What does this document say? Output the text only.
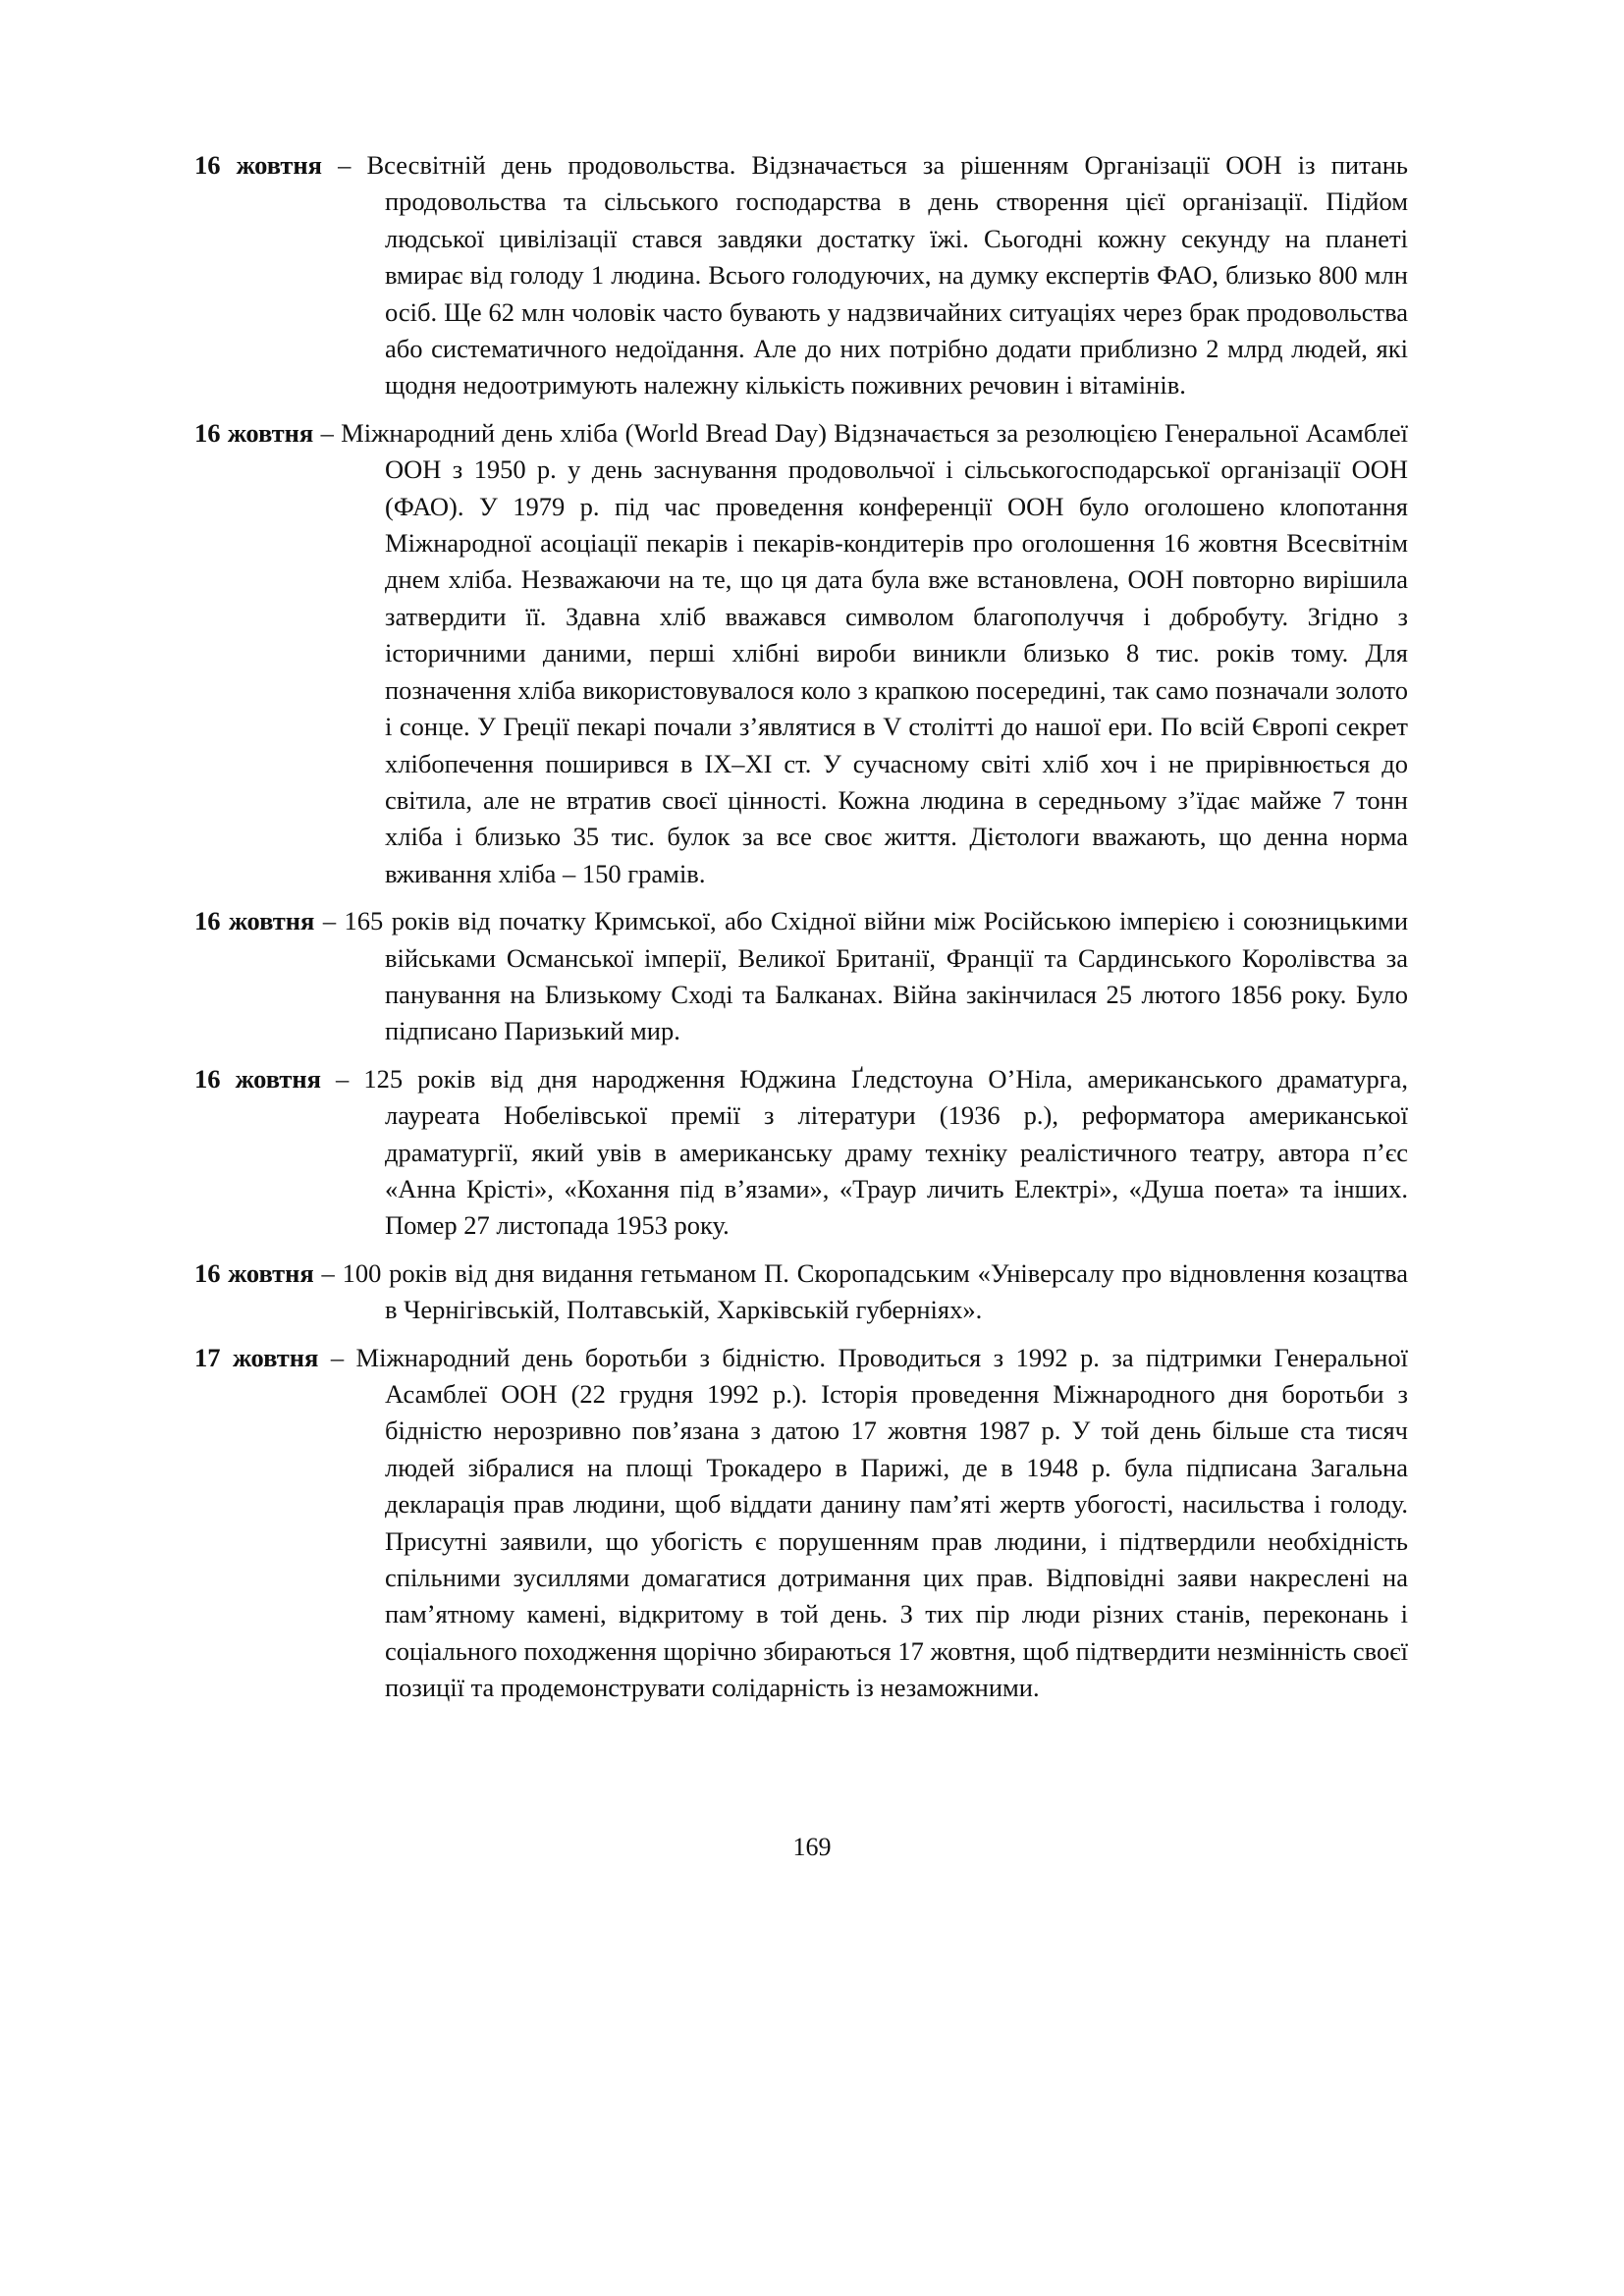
16 жовтня – Всесвітній день продовольства. Відзначається за рішенням Організації ООН із питань продовольства та сільського господарства в день створення цієї організації. Підйом людської цивілізації стався завдяки достатку їжі. Сьогодні кожну секунду на планеті вмирає від голоду 1 людина. Всього голодуючих, на думку експертів ФАО, близько 800 млн осіб. Ще 62 млн чоловік часто бувають у надзвичайних ситуаціях через брак продовольства або систематичного недоїдання. Але до них потрібно додати приблизно 2 млрд людей, які щодня недоотримують належну кількість поживних речовин і вітамінів.

16 жовтня – Міжнародний день хліба (World Bread Day) Відзначається за резолюцією Генеральної Асамблеї ООН з 1950 р. у день заснування продовольчої і сільськогосподарської організації ООН (ФАО). У 1979 р. під час проведення конференції ООН було оголошено клопотання Міжнародної асоціації пекарів і пекарів-кондитерів про оголошення 16 жовтня Всесвітнім днем хліба. Незважаючи на те, що ця дата була вже встановлена, ООН повторно вирішила затвердити її. Здавна хліб вважався символом благополуччя і добробуту. Згідно з історичними даними, перші хлібні вироби виникли близько 8 тис. років тому. Для позначення хліба використовувалося коло з крапкою посередині, так само позначали золото і сонце. У Греції пекарі почали з’являтися в V столітті до нашої ери. По всій Європі секрет хлібопечення поширився в IX–XI ст. У сучасному світі хліб хоч і не прирівнюється до світила, але не втратив своєї цінності. Кожна людина в середньому з’їдає майже 7 тонн хліба і близько 35 тис. булок за все своє життя. Дієтологи вважають, що денна норма вживання хліба – 150 грамів.

16 жовтня – 165 років від початку Кримської, або Східної війни між Російською імперією і союзницькими військами Османської імперії, Великої Британії, Франції та Сардинського Королівства за панування на Близькому Сході та Балканах. Війна закінчилася 25 лютого 1856 року. Було підписано Паризький мир.

16 жовтня – 125 років від дня народження Юджина Ґледстоуна О’Ніла, американського драматурга, лауреата Нобелівської премії з літератури (1936 р.), реформатора американської драматургії, який увів в американську драму техніку реалістичного театру, автора п’єс «Анна Крісті», «Кохання під в’язами», «Траур личить Електрі», «Душа поета» та інших. Помер 27 листопада 1953 року.

16 жовтня – 100 років від дня видання гетьманом П. Скоропадським «Універсалу про відновлення козацтва в Чернігівській, Полтавській, Харківській губерніях».

17 жовтня – Міжнародний день боротьби з бідністю. Проводиться з 1992 р. за підтримки Генеральної Асамблеї ООН (22 грудня 1992 р.). Історія проведення Міжнародного дня боротьби з бідністю нерозривно пов’язана з датою 17 жовтня 1987 р. У той день більше ста тисяч людей зібралися на площі Трокадеро в Парижі, де в 1948 р. була підписана Загальна декларація прав людини, щоб віддати данину пам’яті жертв убогості, насильства і голоду. Присутні заявили, що убогість є порушенням прав людини, і підтвердили необхідність спільними зусиллями домагатися дотримання цих прав. Відповідні заяви накреслені на пам’ятному камені, відкритому в той день. З тих пір люди різних станів, переконань і соціального походження щорічно збираються 17 жовтня, щоб підтвердити незмінність своєї позиції та продемонструвати солідарність із незаможними.

169
